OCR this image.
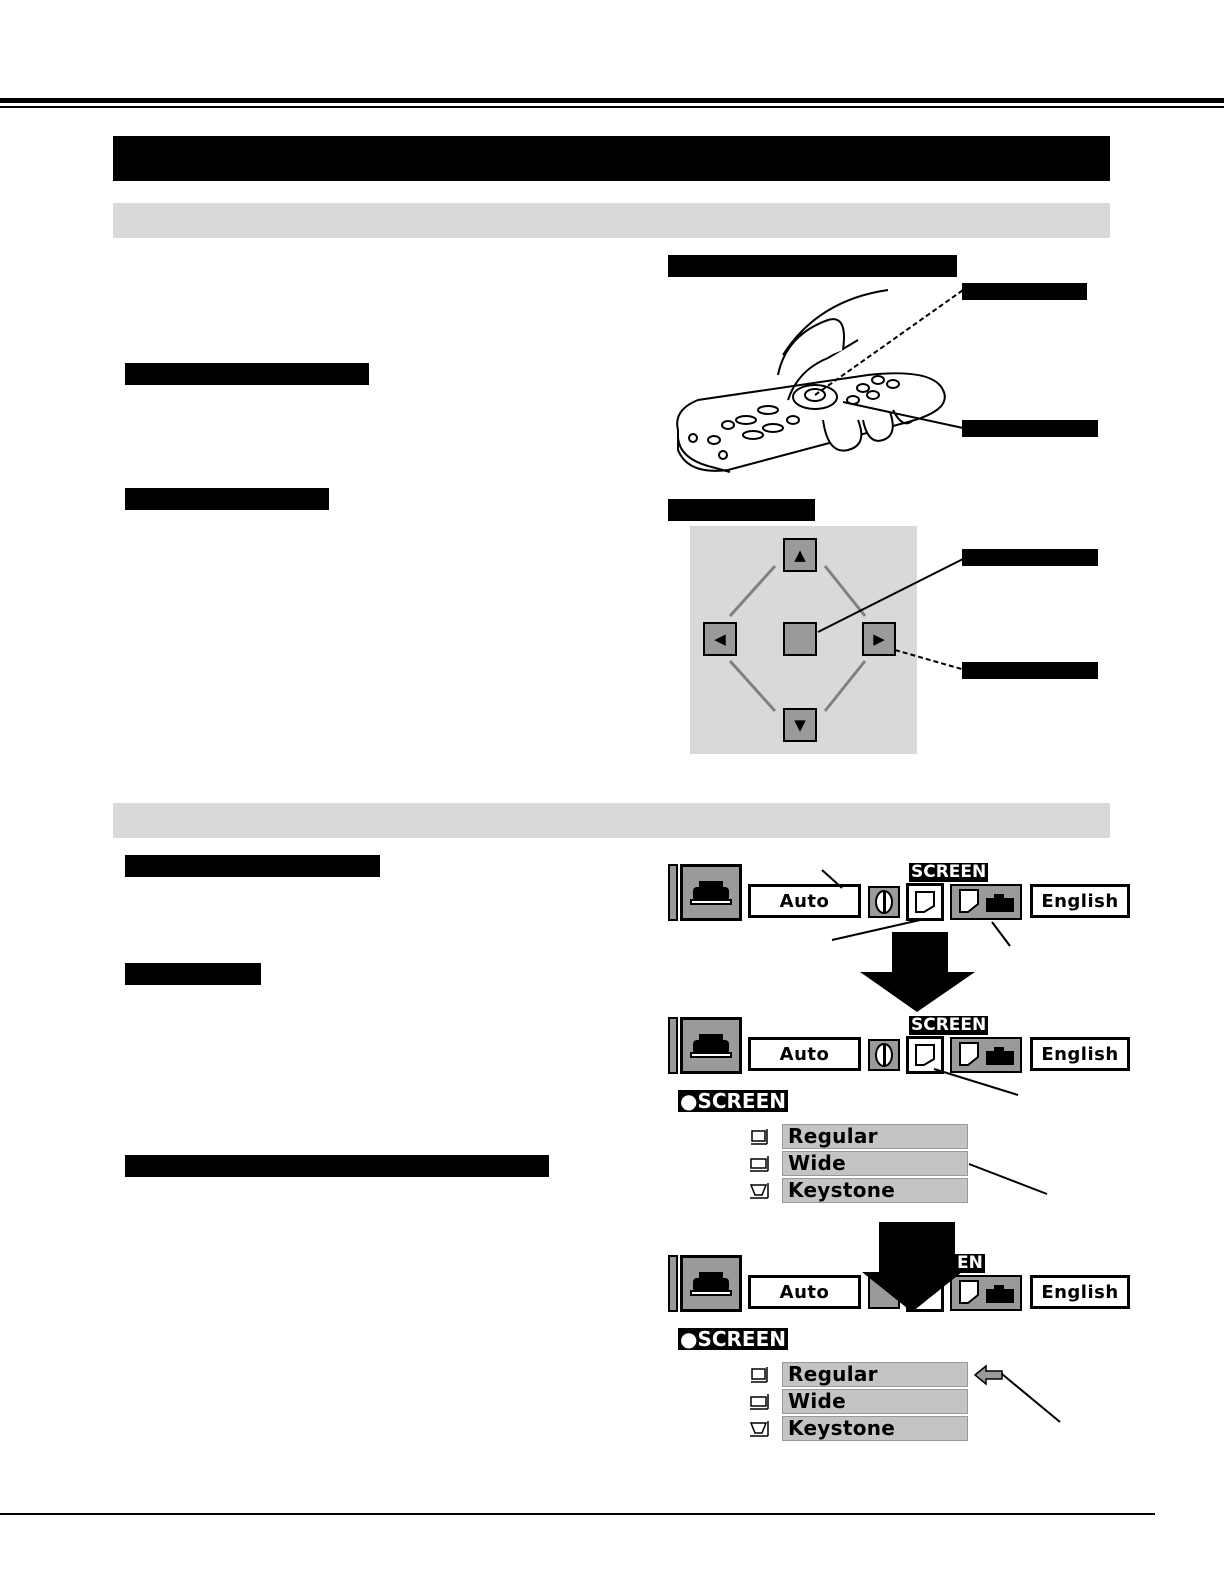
▲
◀	▶
▼
Auto	English
SCREEN
Auto	English
SCREEN
●SCREEN
Regular
Wide
Keystone
Auto	English
EN
●SCREEN
Regular
Wide
Keystone
